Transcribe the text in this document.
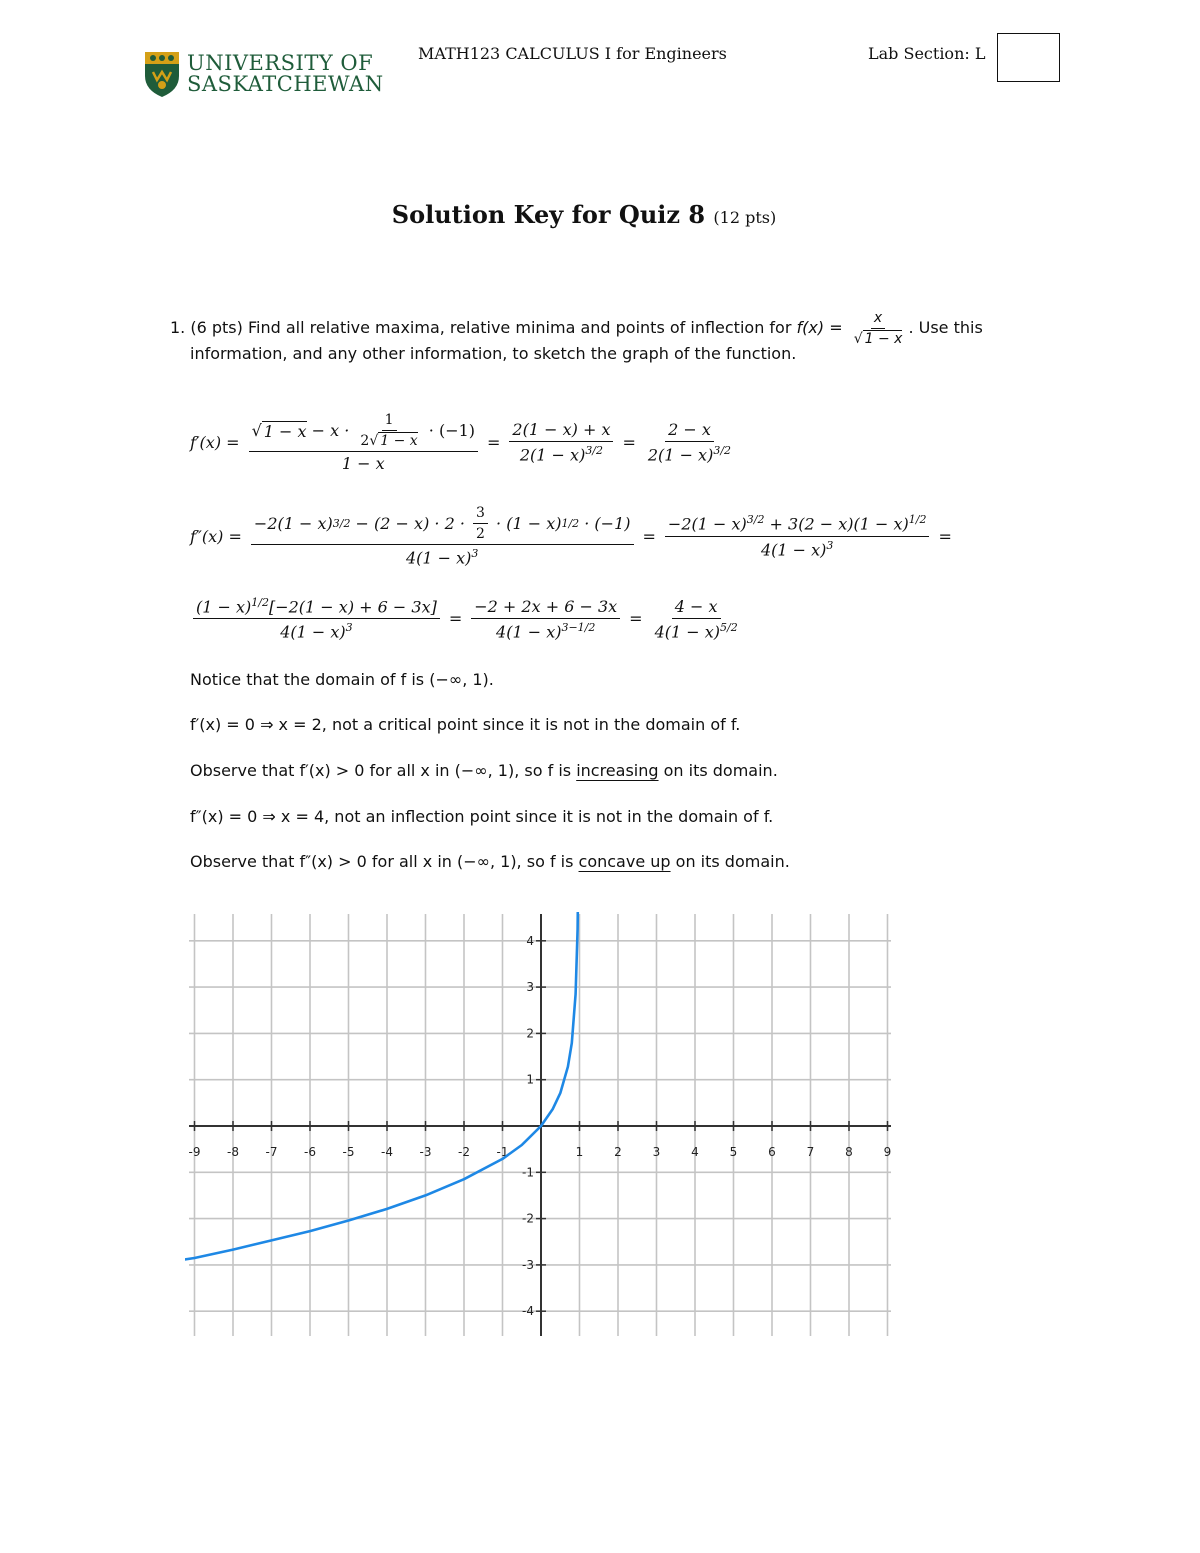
UNIVERSITY OF
SASKATCHEWAN
MATH123 CALCULUS I for Engineers	Lab Section: L
Solution Key for Quiz 8 (12 pts)
1. (6 pts) Find all relative maxima, relative minima and points of inflection for $f(x) = \frac{x}{√ 1 - x}$ . Use this
information, and any other information, to sketch the graph of the function.
f′(x) =
√ $1 - x - x \cdot \frac{1}{2√ 1 - x} \cdot (-1)$
1 − x
= $\frac{2(1 - x) + x}{2(1 - x)^{3/2}} = \frac{2 - x}{2(1 - x)^{3/2}}$
f″(x) =
−2(1 − x) $3/2 - (2 - x) \cdot 2 \cdot \frac{3}{2} \cdot (1 - x) 1/2 \cdot (-1)$
$4(1 - x)^3$
= $\frac{-2(1 - x)^{3/2} + 3(2 - x)(1 - x)^{1/2}}{4(1 - x)^3}$ =
$\frac{(1 - x)^{1/2}[-2(1 - x) + 6 - 3x]}{4(1 - x)^3} = \frac{-2 + 2x + 6 - 3x}{4(1 - x)^{3-1/2}} = \frac{4 - x}{4(1 - x)^{5/2}}$
Notice that the domain of f is (−∞, 1).
f′(x) = 0 ⇒ x = 2, not a critical point since it is not in the domain of f.
Observe that f′(x) > 0 for all x in (−∞, 1), so f is increasing on its domain.
f″(x) = 0 ⇒ x = 4, not an inflection point since it is not in the domain of f.
Observe that f″(x) > 0 for all x in (−∞, 1), so f is concave up on its domain.
-9 -8 -7 -6 -5 -4 -3 -2 -1	1	2	3	4	5	6	7	8	9
4
3
2
1
-1
-2
-3
-4
